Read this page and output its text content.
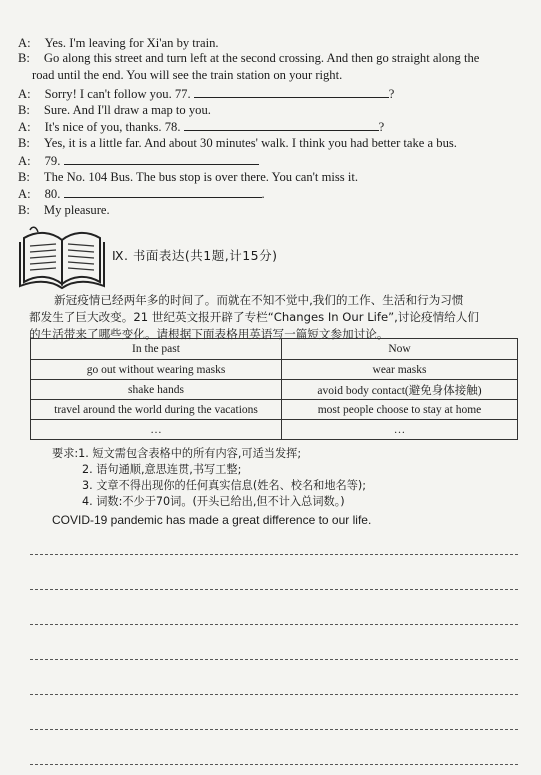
A: Yes. I'm leaving for Xi'an by train.
B: Go along this street and turn left at the second crossing. And then go straight along the
road until the end. You will see the train station on your right.
A: Sorry! I can't follow you. 77.	?
B: Sure. And I'll draw a map to you.
A: It's nice of you, thanks. 78.	?
B: Yes, it is a little far. And about 30 minutes' walk. I think you had better take a bus.
A: 79.
B: The No. 104 Bus. The bus stop is over there. You can't miss it.
A: 80.	.
B: My pleasure.
Ⅸ. 书面表达(共1题,计15分)

新冠疫情已经两年多的时间了。而就在不知不觉中,我们的工作、生活和行为习惯

都发生了巨大改变。21 世纪英文报开辟了专栏“Changes In Our Life”,讨论疫情给人们

的生活带来了哪些变化。请根据下面表格用英语写一篇短文参加讨论。

In the past	Now
go out without wearing masks	wear masks
shake hands	avoid body contact(避免身体接触)
travel around the world during the vacations	most people choose to stay at home
…	…
要求:1. 短文需包含表格中的所有内容,可适当发挥;
2. 语句通顺,意思连贯,书写工整;
3. 文章不得出现你的任何真实信息(姓名、校名和地名等);
4. 词数:不少于70词。(开头已给出,但不计入总词数。)
COVID-19 pandemic has made a great difference to our life.
